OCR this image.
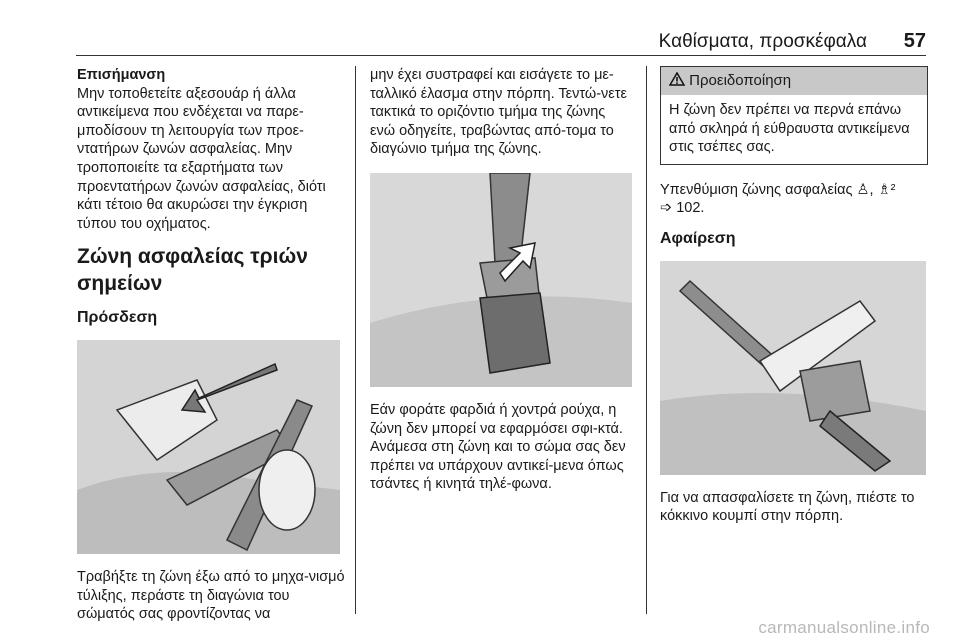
Καθίσματα, προσκέφαλα 57

Επισήμανση

Μην τοποθετείτε αξεσουάρ ή άλλα αντικείμενα που ενδέχεται να παρε‐μποδίσουν τη λειτουργία των προε‐ντατήρων ζωνών ασφαλείας. Μην τροποποιείτε τα εξαρτήματα των προεντατήρων ζωνών ασφαλείας, διότι κάτι τέτοιο θα ακυρώσει την έγκριση τύπου του οχήματος.

Ζώνη ασφαλείας τριών σημείων
Πρόσδεση

Τραβήξτε τη ζώνη έξω από το μηχα‐νισμό τύλιξης, περάστε τη διαγώνια του σώματός σας φροντίζοντας να

μην έχει συστραφεί και εισάγετε το με‐ταλλικό έλασμα στην πόρπη. Τεντώ‐νετε τακτικά το οριζόντιο τμήμα της ζώνης ενώ οδηγείτε, τραβώντας από‐τομα το διαγώνιο τμήμα της ζώνης.

Εάν φοράτε φαρδιά ή χοντρά ρούχα, η ζώνη δεν μπορεί να εφαρμόσει σφι‐κτά. Ανάμεσα στη ζώνη και το σώμα σας δεν πρέπει να υπάρχουν αντικεί‐μενα όπως τσάντες ή κινητά τηλέ‐φωνα.

Προειδοποίηση
Η ζώνη δεν πρέπει να περνά επάνω από σκληρά ή εύθραυστα αντικείμενα στις τσέπες σας.

Υπενθύμιση ζώνης ασφαλείας ♙, ♗²
➩ 102.

Αφαίρεση

Για να απασφαλίσετε τη ζώνη, πιέστε το κόκκινο κουμπί στην πόρπη.

carmanualsonline.info
